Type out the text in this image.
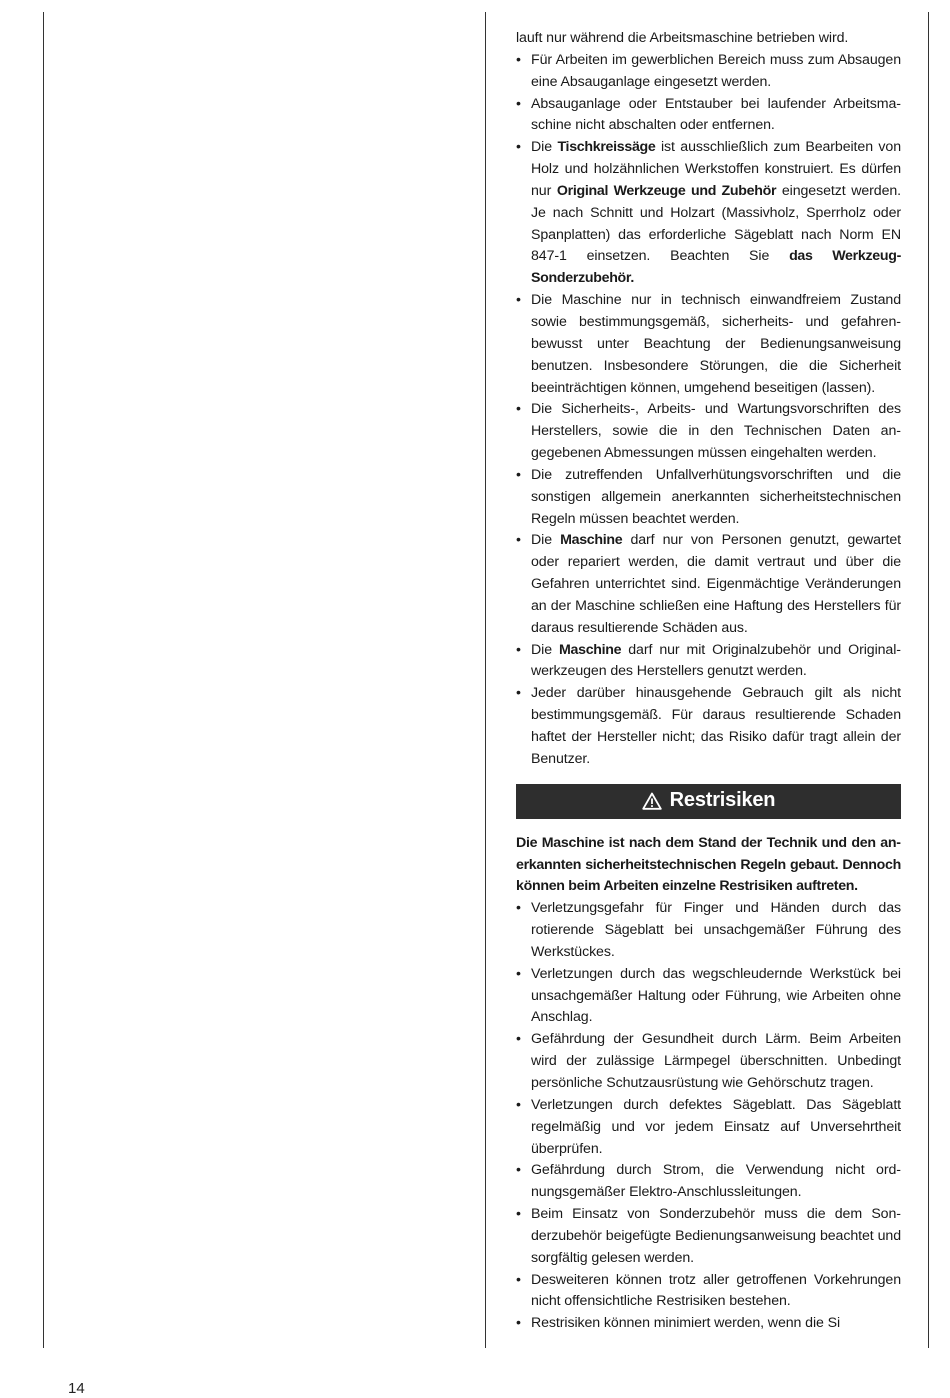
lauft nur während die Arbeitsmaschine betrieben wird.

• Für Arbeiten im gewerblichen Bereich muss zum Absaugen eine Absauganlage eingesetzt werden.
• Absauganlage oder Entstauber bei laufender Arbeitsmaschine nicht abschalten oder entfernen.
• Die Tischkreissäge ist ausschließlich zum Bearbeiten von Holz und holzähnlichen Werkstoffen konstruiert. Es dürfen nur Original Werkzeuge und Zubehör eingesetzt werden. Je nach Schnitt und Holzart (Massivholz, Sperrholz oder Spanplatten) das erforderliche Sägeblatt nach Norm EN 847-1 einsetzen. Beachten Sie das Werkzeug-Sonderzubehör.
• Die Maschine nur in technisch einwandfreiem Zustand sowie bestimmungsgemäß, sicherheits- und gefahrenbewusst unter Beachtung der Bedienungsanweisung benutzen. Insbesondere Störungen, die die Sicherheit beeinträchtigen können, umgehend beseitigen (lassen).
• Die Sicherheits-, Arbeits- und Wartungsvorschriften des Herstellers, sowie die in den Technischen Daten angegebenen Abmessungen müssen eingehalten werden.
• Die zutreffenden Unfallverhütungsvorschriften und die sonstigen allgemein anerkannten sicherheitstechnischen Regeln müssen beachtet werden.
• Die Maschine darf nur von Personen genutzt, gewartet oder repariert werden, die damit vertraut und über die Gefahren unterrichtet sind. Eigenmächtige Veränderungen an der Maschine schließen eine Haftung des Herstellers für daraus resultierende Schäden aus.
• Die Maschine darf nur mit Originalzubehör und Originalwerkzeugen des Herstellers genutzt werden.
• Jeder darüber hinausgehende Gebrauch gilt als nicht bestimmungsgemäß. Für daraus resultierende Schaden haftet der Hersteller nicht; das Risiko dafür tragt allein der Benutzer.
Restrisiken

Die Maschine ist nach dem Stand der Technik und den anerkannten sicherheitstechnischen Regeln gebaut. Dennoch können beim Arbeiten einzelne Restrisiken auftreten.

• Verletzungsgefahr für Finger und Händen durch das rotierende Sägeblatt bei unsachgemäßer Führung des Werkstückes.
• Verletzungen durch das wegschleudernde Werkstück bei unsachgemäßer Haltung oder Führung, wie Arbeiten ohne Anschlag.
• Gefährdung der Gesundheit durch Lärm. Beim Arbeiten wird der zulässige Lärmpegel überschnitten. Unbedingt persönliche Schutzausrüstung wie Gehörschutz tragen.
• Verletzungen durch defektes Sägeblatt. Das Sägeblatt regelmäßig und vor jedem Einsatz auf Unversehrtheit überprüfen.
• Gefährdung durch Strom, die Verwendung nicht ordnungsgemäßer Elektro-Anschlussleitungen.
• Beim Einsatz von Sonderzubehör muss die dem Sonderzubehör beigefügte Bedienungsanweisung beachtet und sorgfältig gelesen werden.
• Desweiteren können trotz aller getroffenen Vorkehrungen nicht offensichtliche Restrisiken bestehen.
• Restrisiken können minimiert werden, wenn die Si
14
